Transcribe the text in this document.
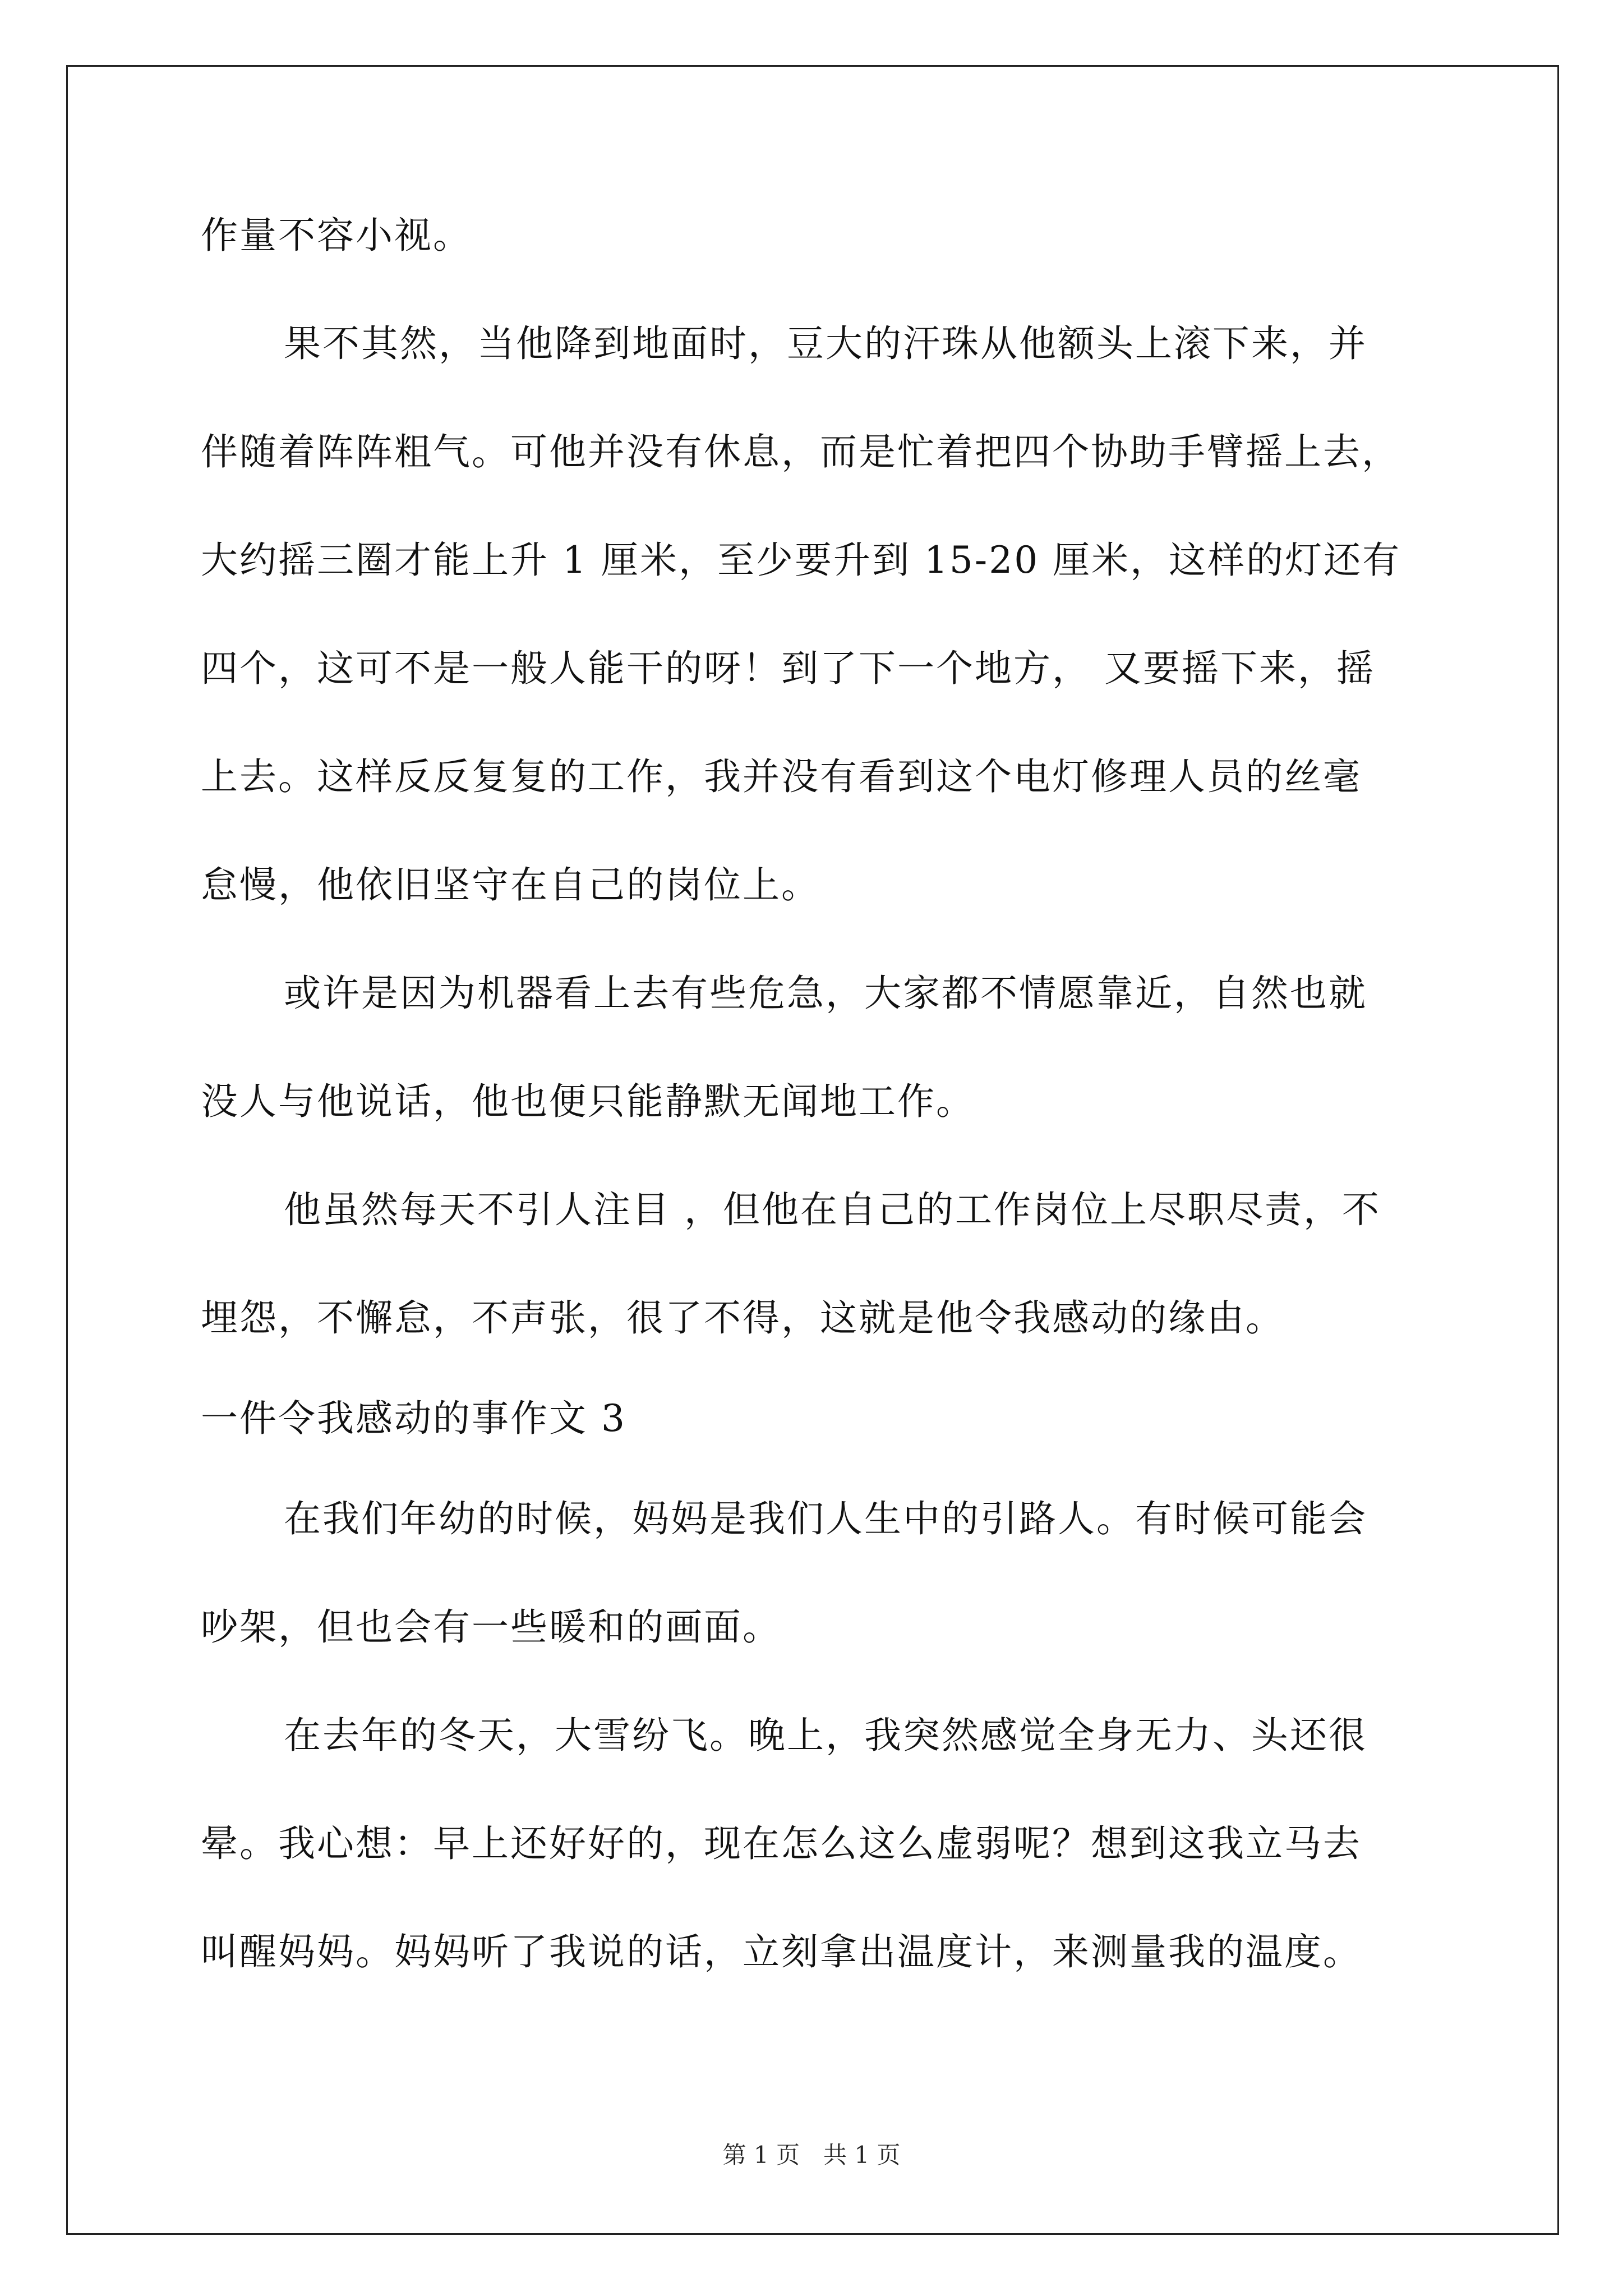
作量不容小视。
果不其然，当他降到地面时，豆大的汗珠从他额头上滚下来，并
伴随着阵阵粗气。可他并没有休息，而是忙着把四个协助手臂摇上去，
大约摇三圈才能上升 1 厘米，至少要升到 15-20 厘米，这样的灯还有
四个，这可不是一般人能干的呀！到了下一个地方， 又要摇下来，摇
上去。这样反反复复的工作，我并没有看到这个电灯修理人员的丝毫
怠慢，他依旧坚守在自己的岗位上。
或许是因为机器看上去有些危急，大家都不情愿靠近，自然也就
没人与他说话，他也便只能静默无闻地工作。
他虽然每天不引人注目 ，但他在自己的工作岗位上尽职尽责，不
埋怨，不懈怠，不声张，很了不得，这就是他令我感动的缘由。
一件令我感动的事作文 3
在我们年幼的时候，妈妈是我们人生中的引路人。有时候可能会
吵架，但也会有一些暖和的画面。
在去年的冬天，大雪纷飞。晚上，我突然感觉全身无力、头还很
晕。我心想：早上还好好的，现在怎么这么虚弱呢？想到这我立马去
叫醒妈妈。妈妈听了我说的话，立刻拿出温度计，来测量我的温度。
第 1 页　共 1 页
